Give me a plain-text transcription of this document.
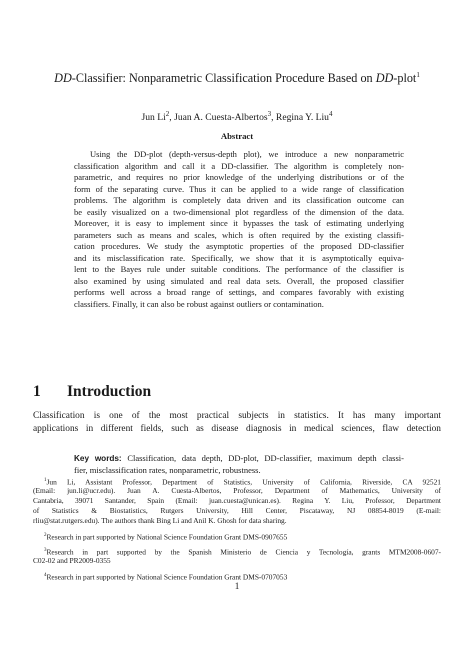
DD-Classifier: Nonparametric Classification Procedure Based on DD-plot$^1$
Jun Li$^2$, Juan A. Cuesta-Albertos$^3$, Regina Y. Liu$^4$
Abstract
Using the DD-plot (depth-versus-depth plot), we introduce a new nonparametric
classification algorithm and call it a DD-classifier. The algorithm is completely non-
parametric, and requires no prior knowledge of the underlying distributions or of the
form of the separating curve. Thus it can be applied to a wide range of classification
problems. The algorithm is completely data driven and its classification outcome can
be easily visualized on a two-dimensional plot regardless of the dimension of the data.
Moreover, it is easy to implement since it bypasses the task of estimating underlying
parameters such as means and scales, which is often required by the existing classifi-
cation procedures. We study the asymptotic properties of the proposed DD-classifier
and its misclassification rate. Specifically, we show that it is asymptotically equiva-
lent to the Bayes rule under suitable conditions. The performance of the classifier is
also examined by using simulated and real data sets. Overall, the proposed classifier
performs well across a broad range of settings, and compares favorably with existing
classifiers. Finally, it can also be robust against outliers or contamination.
Key words: Classification, data depth, DD-plot, DD-classifier, maximum depth classi-
fier, misclassification rates, nonparametric, robustness.
1 Introduction
Classification is one of the most practical subjects in statistics. It has many important
applications in different fields, such as disease diagnosis in medical sciences, flaw detection
$^1$Jun Li, Assistant Professor, Department of Statistics, University of California, Riverside, CA 92521
(Email: jun.li@ucr.edu). Juan A. Cuesta-Albertos, Professor, Department of Mathematics, University of
Cantabria, 39071 Santander, Spain (Email: juan.cuesta@unican.es). Regina Y. Liu, Professor, Department
of Statistics & Biostatistics, Rutgers University, Hill Center, Piscataway, NJ 08854-8019 (E-mail:
rliu@stat.rutgers.edu). The authors thank Bing Li and Anil K. Ghosh for data sharing.
$^2$Research in part supported by National Science Foundation Grant DMS-0907655
$^3$Research in part supported by the Spanish Ministerio de Ciencia y Tecnología, grants MTM2008-0607-
C02-02 and PR2009-0355
$^4$Research in part supported by National Science Foundation Grant DMS-0707053
1
